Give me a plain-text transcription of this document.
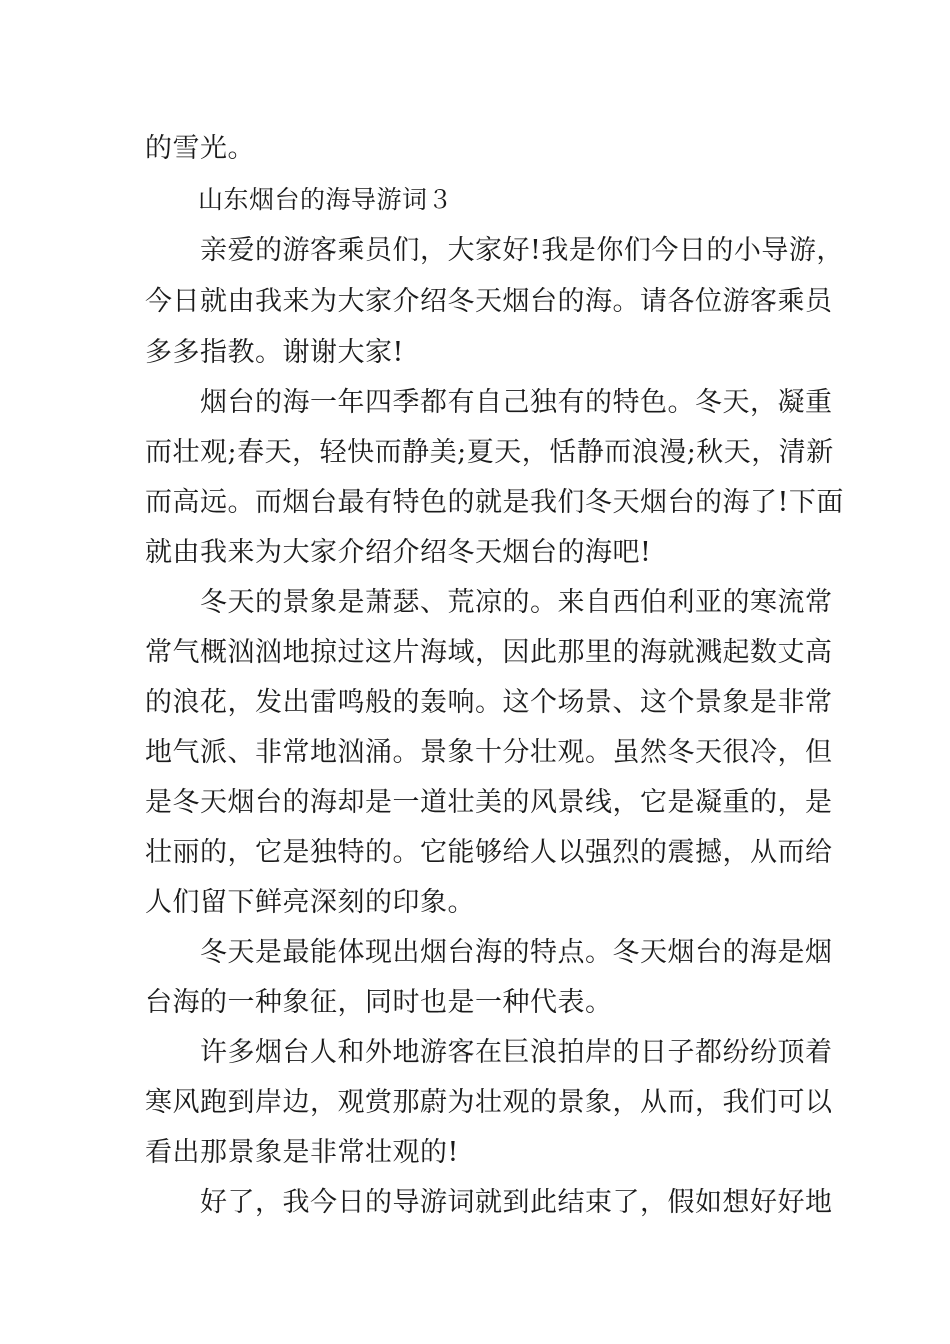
的雪光。
山东烟台的海导游词３
亲爱的游客乘员们，大家好!我是你们今日的小导游，
今日就由我来为大家介绍冬天烟台的海。请各位游客乘员
多多指教。谢谢大家!
烟台的海一年四季都有自己独有的特色。冬天，凝重
而壮观;春天，轻快而静美;夏天，恬静而浪漫;秋天，清新
而高远。而烟台最有特色的就是我们冬天烟台的海了!下面
就由我来为大家介绍介绍冬天烟台的海吧!
冬天的景象是萧瑟、荒凉的。来自西伯利亚的寒流常
常气概汹汹地掠过这片海域，因此那里的海就溅起数丈高
的浪花，发出雷鸣般的轰响。这个场景、这个景象是非常
地气派、非常地汹涌。景象十分壮观。虽然冬天很冷，但
是冬天烟台的海却是一道壮美的风景线，它是凝重的，是
壮丽的，它是独特的。它能够给人以强烈的震撼，从而给
人们留下鲜亮深刻的印象。
冬天是最能体现出烟台海的特点。冬天烟台的海是烟
台海的一种象征，同时也是一种代表。
许多烟台人和外地游客在巨浪拍岸的日子都纷纷顶着
寒风跑到岸边，观赏那蔚为壮观的景象，从而，我们可以
看出那景象是非常壮观的!
好了，我今日的导游词就到此结束了，假如想好好地
